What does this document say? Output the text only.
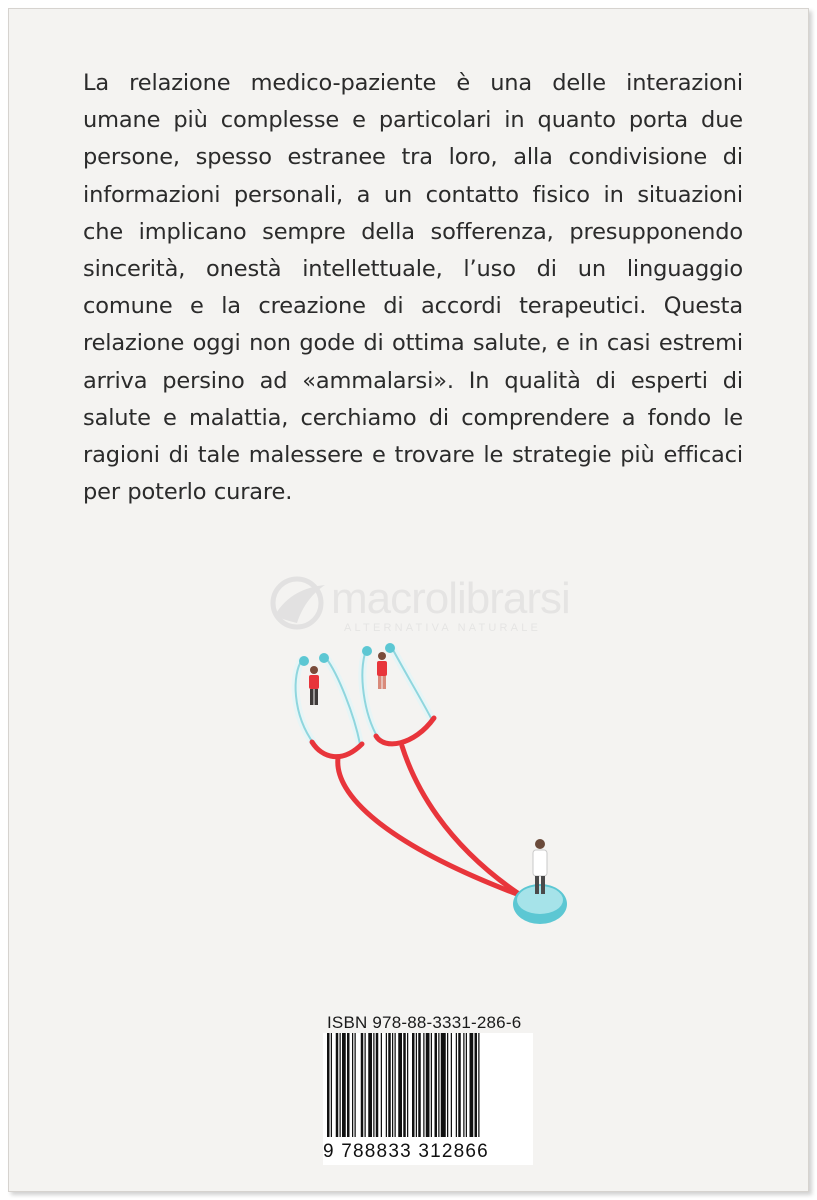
La relazione medico-paziente è una delle interazioni umane più complesse e particolari in quanto porta due persone, spesso estranee tra loro, alla condivisione di informazioni personali, a un contatto fisico in situazioni che implicano sempre della sofferenza, presupponendo sincerità, onestà intellettuale, l’uso di un linguaggio comune e la creazione di accordi terapeutici. Questa relazione oggi non gode di ottima salute, e in casi estremi arriva persino ad «ammalarsi». In qualità di esperti di salute e malattia, cerchiamo di comprendere a fondo le ragioni di tale malessere e trovare le strategie più efficaci per poterlo curare.

macrolibrarsi
ALTERNATIVA NATURALE
ISBN 978-88-3331-286-6
9 788833 312866
